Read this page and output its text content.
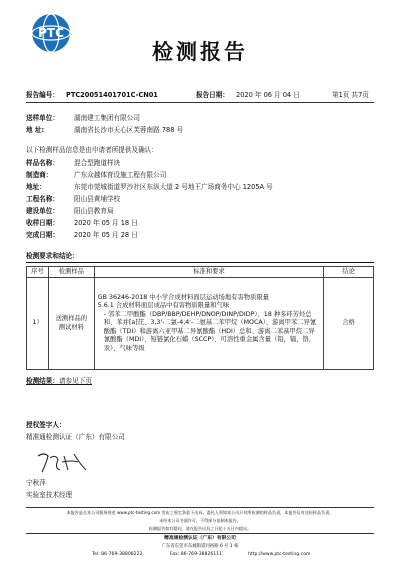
PTC
检测报告
报告编号： PTC20051401701C-CN01	报告日期： 2020 年 06 月 04 日	第1页 共7页
送样单位： 湖南建工集团有限公司
地 址:	湖南省长沙市天心区芙蓉南路 788 号
以下检测样品信息是由申请者所提供及确认：
样品名称： 混合型跑道样块
制造商：	广东众越体育设施工程有限公司
地址：	东莞市莞城街道罗沙社区东纵大道 2 号地王广场商务中心 1205A 号
工程名称： 阳山县黄埔学校
建设单位： 阳山县教育局
收样日期： 2020 年 05 月 18 日
完成日期： 2020 年 05 月 28 日
检测要求和结论：
序号	检测样品	标准和要求	结论
1）	送测样品的测试材料	GB 36246-2018 中小学合成材料面层运动场地有害物质限量
5.6.1 合成材料面层成品中有害物质限量和气味
- 邻苯二甲酸酯（DBP/BBP/DEHP/DNOP/DINP/DIDP）、18 种多环芳烃总和、苯并[a]芘、3,3'-二氯-4,4'-二氨基二苯甲烷（MOCA）、游离甲苯二异氰酸酯（TDI）和游离六亚甲基二异氰酸酯（HDI）总和、游离二苯基甲烷二异氰酸酯（MDI）、短链氯化石蜡（SCCP）、可溶性重金属含量（铅，镉，铬，汞）、气味等级	合格
检测结果：请参见下页
授权签字人：
精准通检测认证（广东）有限公司
宁秋萍
实验室技术经理
本报告是在本公司服务规范 www.ptc-testing.com 发布之规定条款下出具。委托人须知本公司只对所检测的样品负责，本报告仅对送检样品负责。
未经本公司书面许可，不得部分复制本报告。
检测报告如有疑问，请在报告出具之日起十五日内提出。
精准通检测认证（广东）有限公司
广东省东莞市东城街道同裕路 6 号 1 栋
Tel: 86-769-38808222	Fax: 86-769-38826111	http://www.ptc-testing.com
